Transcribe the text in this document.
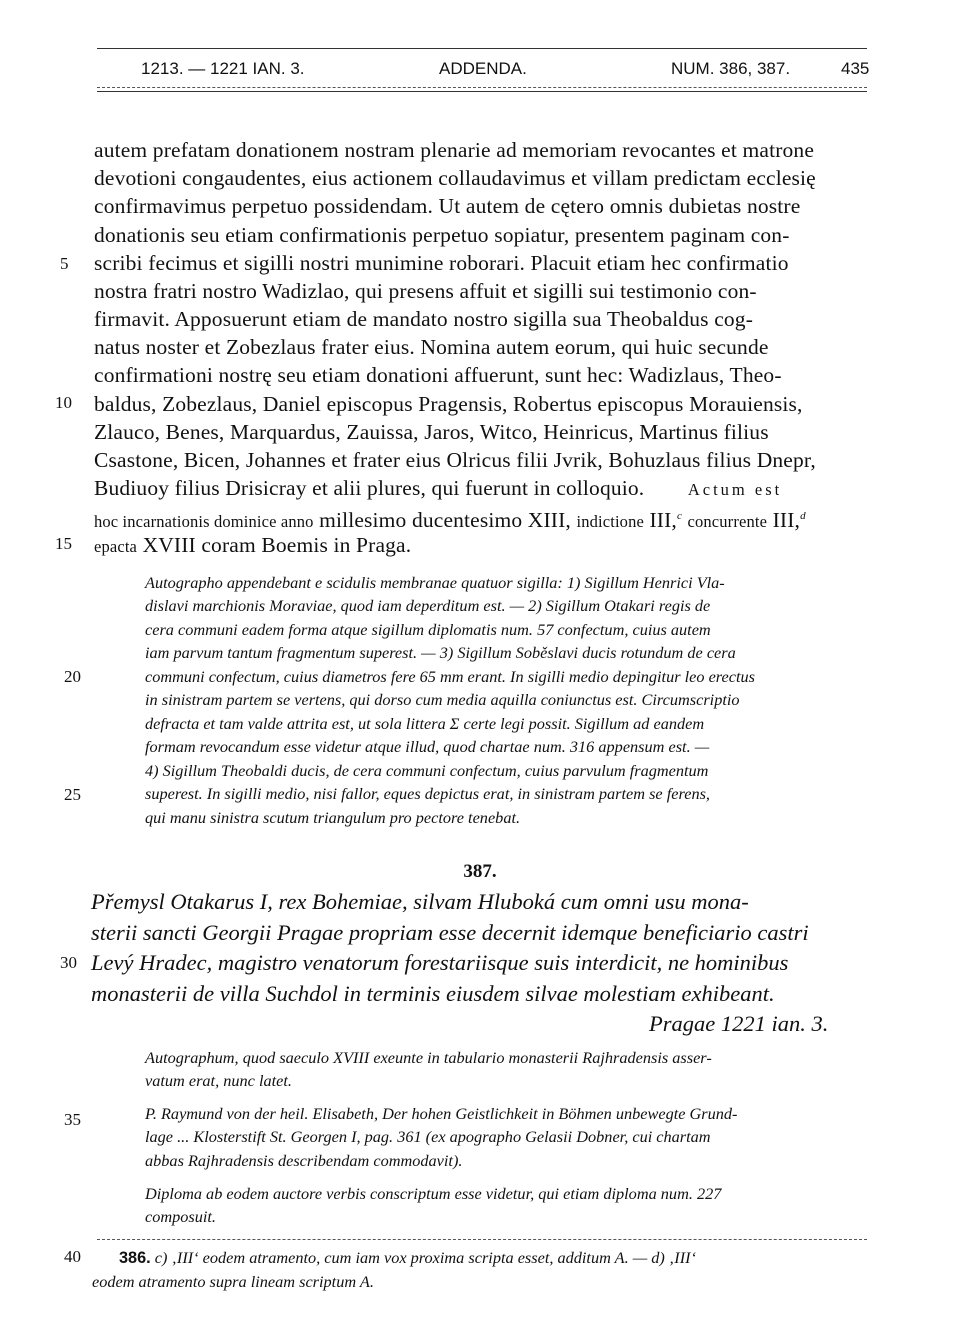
1213. — 1221 IAN. 3.	ADDENDA.	NUM. 386, 387.	435
5
10
15
20
25
30
35
40
autem prefatam donationem nostram plenarie ad memoriam revocantes et matrone
devotioni congaudentes, eius actionem collaudavimus et villam predictam ecclesię
confirmavimus perpetuo possidendam. Ut autem de cętero omnis dubietas nostre
donationis seu etiam confirmationis perpetuo sopiatur, presentem paginam con-
scribi fecimus et sigilli nostri munimine roborari. Placuit etiam hec confirmatio
nostra fratri nostro Wadizlao, qui presens affuit et sigilli sui testimonio con-
firmavit. Apposuerunt etiam de mandato nostro sigilla sua Theobaldus cog-
natus noster et Zobezlaus frater eius. Nomina autem eorum, qui huic secunde
confirmationi nostrę seu etiam donationi affuerunt, sunt hec: Wadizlaus, Theo-
baldus, Zobezlaus, Daniel episcopus Pragensis, Robertus episcopus Morauiensis,
Zlauco, Benes, Marquardus, Zauissa, Jaros, Witco, Heinricus, Martinus filius
Csastone, Bicen, Johannes et frater eius Olricus filii Jvrik, Bohuzlaus filius Dnepr,
Budiuoy filius Drisicray et alii plures, qui fuerunt in colloquio.	Actum est
hoc incarnationis dominice anno millesimo ducentesimo XIII, indictione III,$^c$ concurrente III,$^d$
epacta XVIII coram Boemis in Praga.
Autographo appendebant e scidulis membranae quatuor sigilla: 1) Sigillum Henrici Vla-
dislavi marchionis Moraviae, quod iam deperditum est. — 2) Sigillum Otakari regis de
cera communi eadem forma atque sigillum diplomatis num. 57 confectum, cuius autem
iam parvum tantum fragmentum superest. — 3) Sigillum Soběslavi ducis rotundum de cera
communi confectum, cuius diametros fere 65 mm erant. In sigilli medio depingitur leo erectus
in sinistram partem se vertens, qui dorso cum media aquilla coniunctus est. Circumscriptio
defracta et tam valde attrita est, ut sola littera Σ certe legi possit. Sigillum ad eandem
formam revocandum esse videtur atque illud, quod chartae num. 316 appensum est. —
4) Sigillum Theobaldi ducis, de cera communi confectum, cuius parvulum fragmentum
superest. In sigilli medio, nisi fallor, eques depictus erat, in sinistram partem se ferens,
qui manu sinistra scutum triangulum pro pectore tenebat.
387.
Přemysl Otakarus I, rex Bohemiae, silvam Hluboká cum omni usu mona-
sterii sancti Georgii Pragae propriam esse decernit idemque beneficiario castri
Levý Hradec, magistro venatorum forestariisque suis interdicit, ne hominibus
monasterii de villa Suchdol in terminis eiusdem silvae molestiam exhibeant.
Pragae 1221 ian. 3.
Autographum, quod saeculo XVIII exeunte in tabulario monasterii Rajhradensis asser-
vatum erat, nunc latet.
P. Raymund von der heil. Elisabeth, Der hohen Geistlichkeit in Böhmen unbewegte Grund-
lage ... Klosterstift St. Georgen I, pag. 361 (ex apographo Gelasii Dobner, cui chartam
abbas Rajhradensis describendam commodavit).
Diploma ab eodem auctore verbis conscriptum esse videtur, qui etiam diploma num. 227
composuit.
386. c) ‚III‘ eodem atramento, cum iam vox proxima scripta esset, additum A. — d) ‚III‘
eodem atramento supra lineam scriptum A.
